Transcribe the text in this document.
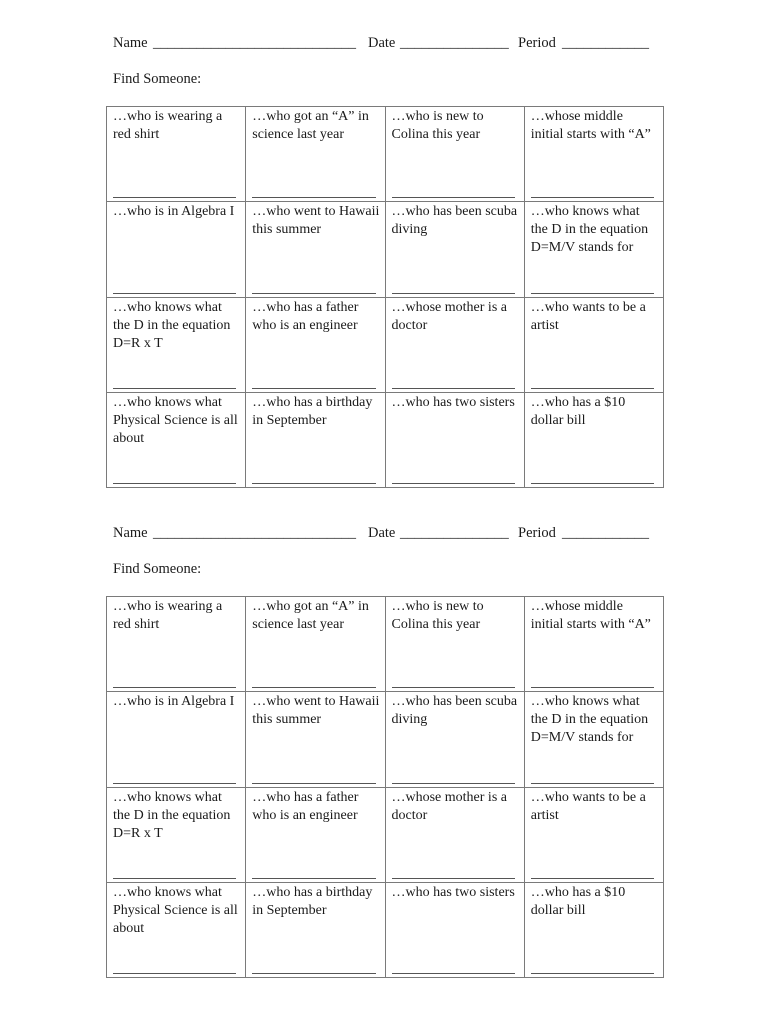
Name ____________________________ Date _______________ Period ____________
Find Someone:
…who is wearing a red shirt	…who got an “A” in science last year	…who is new to Colina this year	…whose middle initial starts with “A”

…who is in Algebra I	…who went to Hawaii this summer	…who has been scuba diving	…who knows what the D in the equation D=M/V stands for

…who knows what the D in the equation D=R x T	…who has a father who is an engineer	…whose mother is a doctor	…who wants to be a artist

…who knows what Physical Science is all about	…who has a birthday in September	…who has two sisters	…who has a $10 dollar bill
Name ____________________________ Date _______________ Period ____________
Find Someone:
…who is wearing a red shirt	…who got an “A” in science last year	…who is new to Colina this year	…whose middle initial starts with “A”

…who is in Algebra I	…who went to Hawaii this summer	…who has been scuba diving	…who knows what the D in the equation D=M/V stands for

…who knows what the D in the equation D=R x T	…who has a father who is an engineer	…whose mother is a doctor	…who wants to be a artist

…who knows what Physical Science is all about	…who has a birthday in September	…who has two sisters	…who has a $10 dollar bill
